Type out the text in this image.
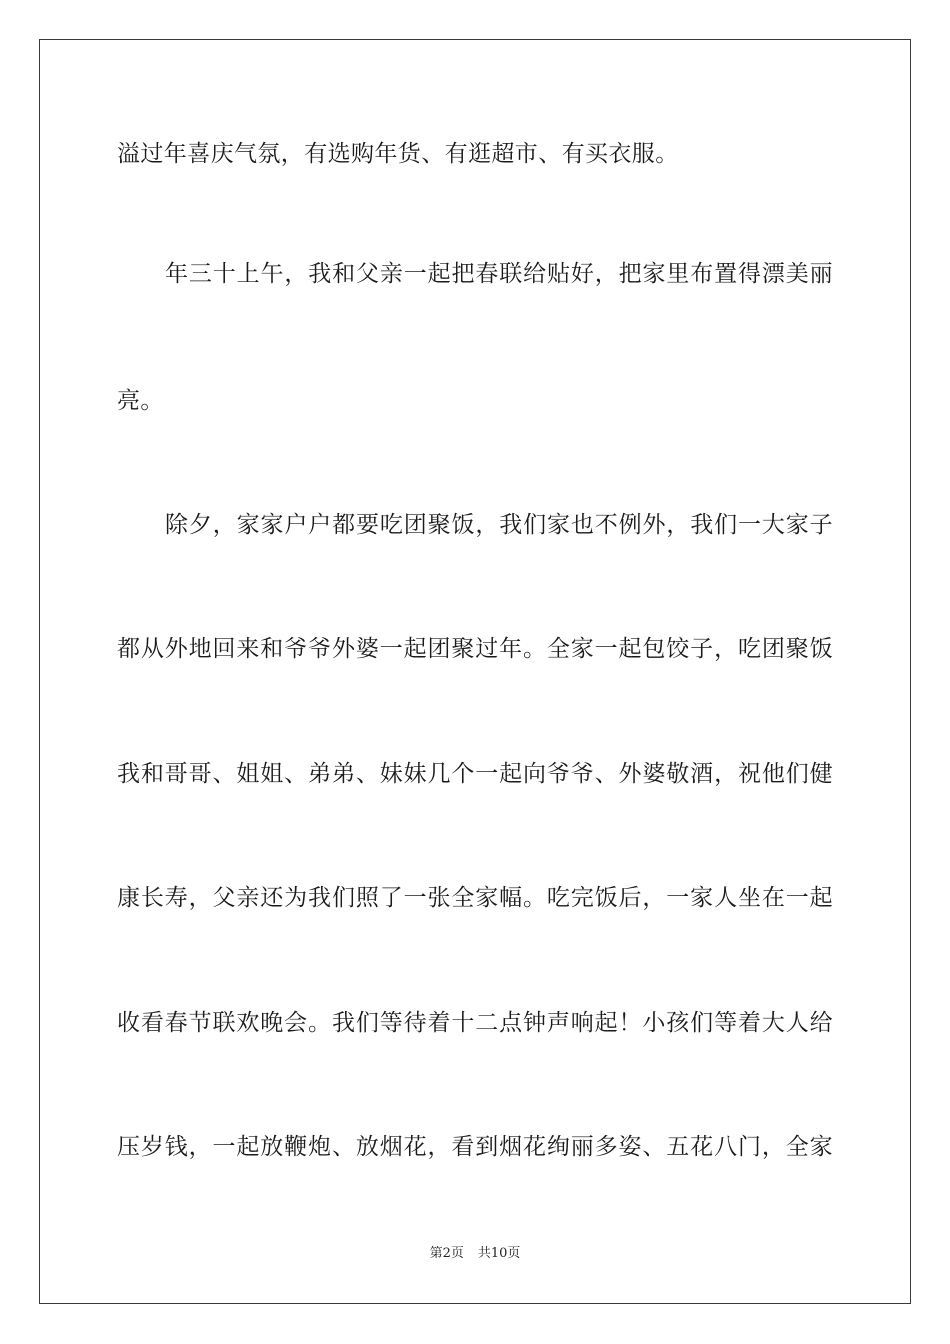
溢过年喜庆气氛，有选购年货、有逛超市、有买衣服。
年三十上午，我和父亲一起把春联给贴好，把家里布置得漂美丽
亮。
除夕，家家户户都要吃团聚饭，我们家也不例外，我们一大家子
都从外地回来和爷爷外婆一起团聚过年。全家一起包饺子，吃团聚饭
我和哥哥、姐姐、弟弟、妹妹几个一起向爷爷、外婆敬酒，祝他们健
康长寿，父亲还为我们照了一张全家幅。吃完饭后，一家人坐在一起
收看春节联欢晚会。我们等待着十二点钟声响起！小孩们等着大人给
压岁钱，一起放鞭炮、放烟花，看到烟花绚丽多姿、五花八门，全家
第2页 共10页
